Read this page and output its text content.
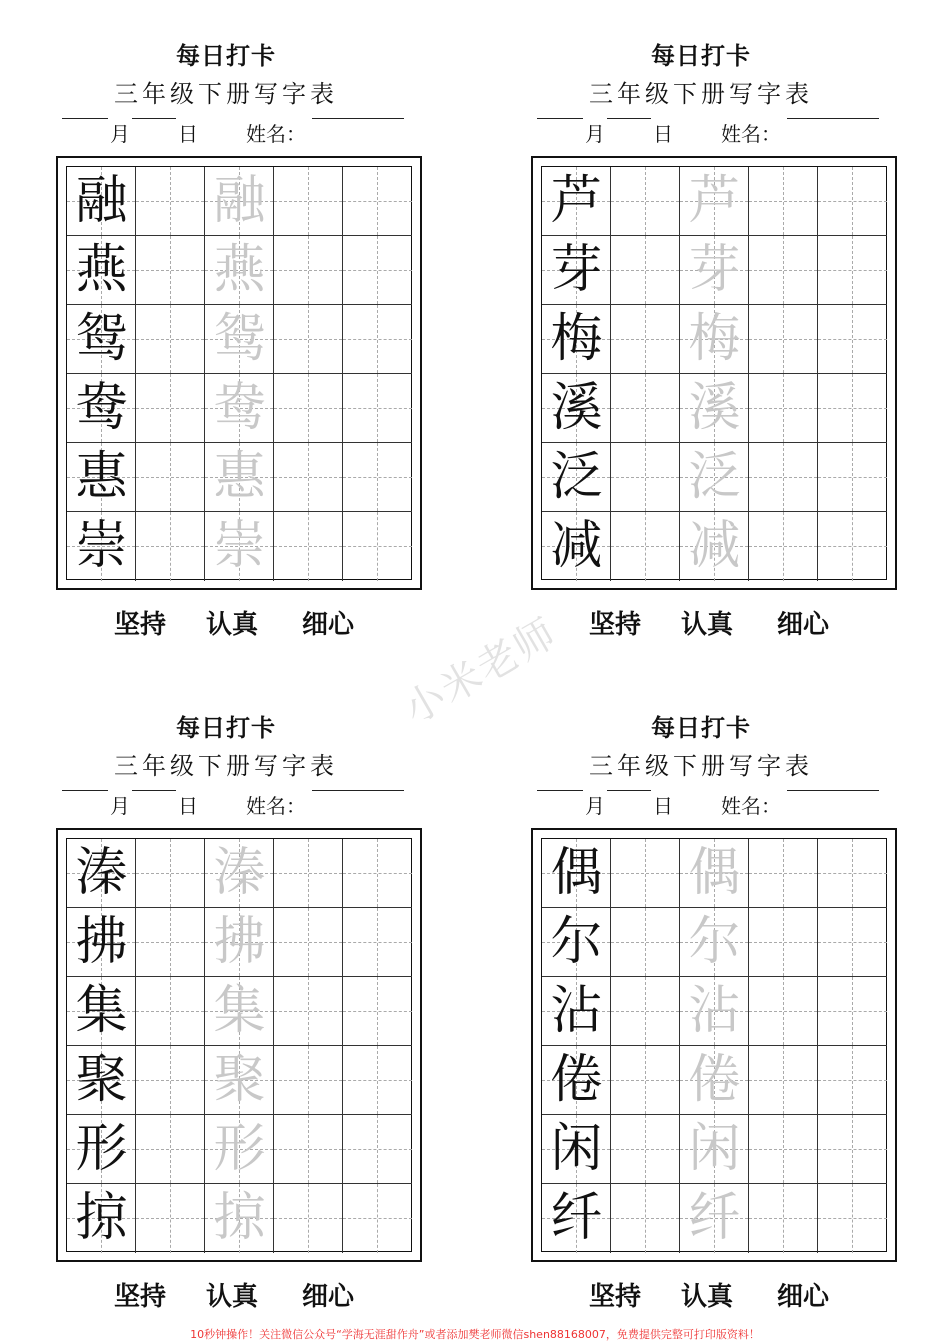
每日打卡
三年级下册写字表
月 日 姓名：
融 融
燕 燕
鸳 鸳
鸯 鸯
惠 惠
崇 崇
坚持 认真 细心
每日打卡
三年级下册写字表
月 日 姓名：
芦 芦
芽 芽
梅 梅
溪 溪
泛 泛
减 减
坚持 认真 细心
每日打卡
三年级下册写字表
月 日 姓名：
溱 溱
拂 拂
集 集
聚 聚
形 形
掠 掠
坚持 认真 细心
每日打卡
三年级下册写字表
月 日 姓名：
偶 偶
尔 尔
沾 沾
倦 倦
闲 闲
纤 纤
坚持 认真 细心
小米老师
10秒钟操作！关注微信公众号“学海无涯甜作舟”或者添加樊老师微信shen88168007，免费提供完整可打印版资料！
